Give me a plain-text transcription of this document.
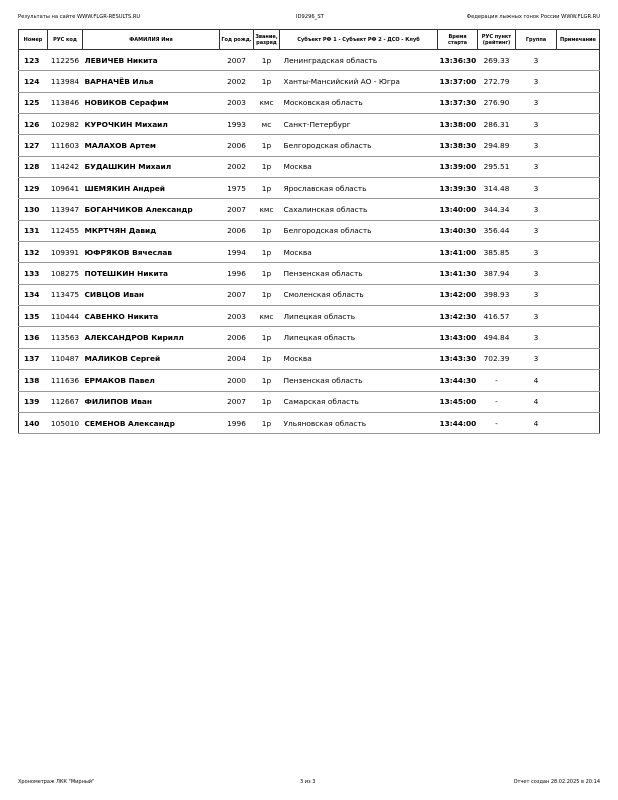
Результаты на сайте WWW.FLGR-RESULTS.RU	ID9296_ST	Федерация лыжных гонок России WWW.FLGR.RU
Номер	РУС код	ФАМИЛИЯ Имя	Год рожд.	Звание, разряд	Субъект РФ 1 - Субъект РФ 2 - ДСО - Клуб	Время старта	РУС пункт (рейтинг)	Группа	Примечание
123	112256	ЛЕВИЧЕВ Никита	2007	1р	Ленинградская область	13:36:30	269.33	3	
124	113984	ВАРНАЧЁВ Илья	2002	1р	Ханты-Мансийский АО - Югра	13:37:00	272.79	3	
125	113846	НОВИКОВ Серафим	2003	кмс	Московская область	13:37:30	276.90	3	
126	102982	КУРОЧКИН Михаил	1993	мс	Санкт-Петербург	13:38:00	286.31	3	
127	111603	МАЛАХОВ Артем	2006	1р	Белгородская область	13:38:30	294.89	3	
128	114242	БУДАШКИН Михаил	2002	1р	Москва	13:39:00	295.51	3	
129	109641	ШЕМЯКИН Андрей	1975	1р	Ярославская область	13:39:30	314.48	3	
130	113947	БОГАНЧИКОВ Александр	2007	кмс	Сахалинская область	13:40:00	344.34	3	
131	112455	МКРТЧЯН Давид	2006	1р	Белгородская область	13:40:30	356.44	3	
132	109391	ЮФРЯКОВ Вячеслав	1994	1р	Москва	13:41:00	385.85	3	
133	108275	ПОТЕШКИН Никита	1996	1р	Пензенская область	13:41:30	387.94	3	
134	113475	СИВЦОВ Иван	2007	1р	Смоленская область	13:42:00	398.93	3	
135	110444	САВЕНКО Никита	2003	кмс	Липецкая область	13:42:30	416.57	3	
136	113563	АЛЕКСАНДРОВ Кирилл	2006	1р	Липецкая область	13:43:00	494.84	3	
137	110487	МАЛИКОВ Сергей	2004	1р	Москва	13:43:30	702.39	3	
138	111636	ЕРМАКОВ Павел	2000	1р	Пензенская область	13:44:30	-	4	
139	112667	ФИЛИПОВ Иван	2007	1р	Самарская область	13:45:00	-	4	
140	105010	СЕМЕНОВ Александр	1996	1р	Ульяновская область	13:44:00	-	4	
Хронометраж ЛКК "Мирный"	3 из 3	Отчет создан 28.02.2025 в 20:14
